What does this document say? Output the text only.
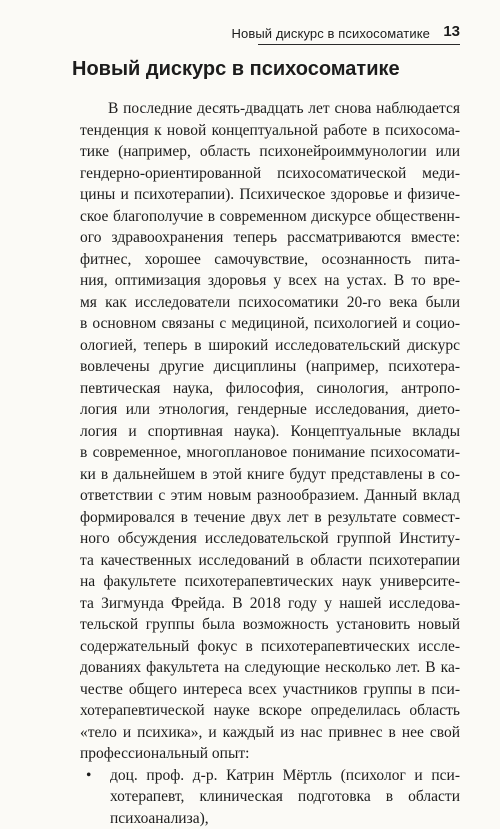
Новый дискурс в психосоматике 13
Новый дискурс в психосоматике
В последние десять-двадцать лет снова наблюдается
тенденция к новой концептуальной работе в психосома-
тике (например, область психонейроиммунологии или
гендерно-ориентированной психосоматической меди-
цины и психотерапии). Психическое здоровье и физиче-
ское благополучие в современном дискурсе общественн-
ого здравоохранения теперь рассматриваются вместе:
фитнес, хорошее самочувствие, осознанность пита-
ния, оптимизация здоровья у всех на устах. В то вре-
мя как исследователи психосоматики 20-го века были
в основном связаны с медициной, психологией и социо-
ологией, теперь в широкий исследовательский дискурс
вовлечены другие дисциплины (например, психотера-
певтическая наука, философия, синология, антропо-
логия или этнология, гендерные исследования, дието-
логия и спортивная наука). Концептуальные вклады
в современное, многоплановое понимание психосомати-
ки в дальнейшем в этой книге будут представлены в со-
ответствии с этим новым разнообразием. Данный вклад
формировался в течение двух лет в результате совмест-
ного обсуждения исследовательской группой Институ-
та качественных исследований в области психотерапии
на факультете психотерапевтических наук университе-
та Зигмунда Фрейда. В 2018 году у нашей исследова-
тельской группы была возможность установить новый
содержательный фокус в психотерапевтических иссле-
дованиях факультета на следующие несколько лет. В ка-
честве общего интереса всех участников группы в пси-
хотерапевтической науке вскоре определилась область
«тело и психика», и каждый из нас привнес в нее свой
профессиональный опыт:
• доц. проф. д-р. Катрин Мёртль (психолог и пси-
хотерапевт, клиническая подготовка в области
психоанализа),
